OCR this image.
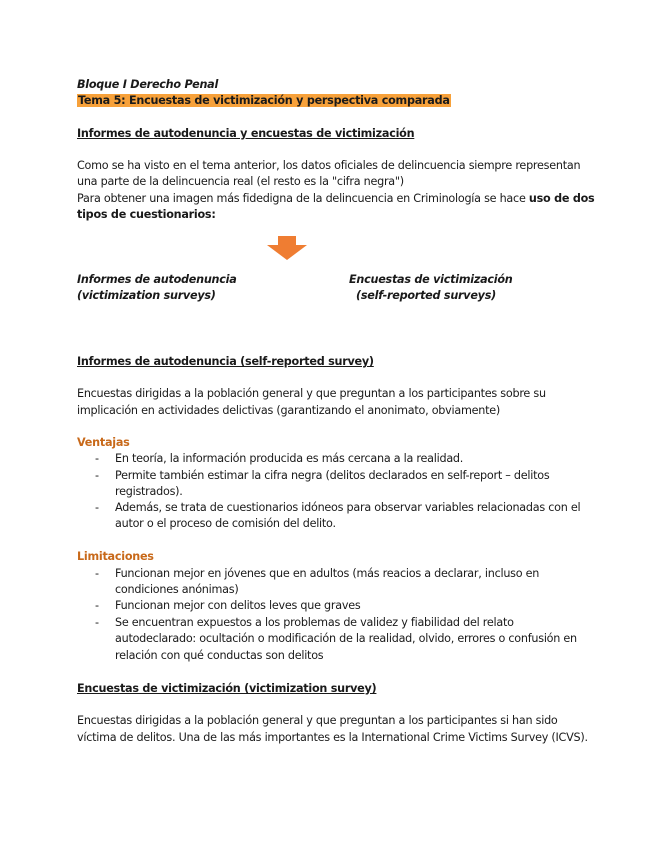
Bloque I Derecho Penal
Tema 5: Encuestas de victimización y perspectiva comparada
Informes de autodenuncia y encuestas de victimización
Como se ha visto en el tema anterior, los datos oficiales de delincuencia siempre representan
una parte de la delincuencia real (el resto es la "cifra negra")
Para obtener una imagen más fidedigna de la delincuencia en Criminología se hace uso de dos
tipos de cuestionarios:
Informes de autodenuncia
(victimization surveys)
Encuestas de victimización
(self-reported surveys)
Informes de autodenuncia (self-reported survey)
Encuestas dirigidas a la población general y que preguntan a los participantes sobre su
implicación en actividades delictivas (garantizando el anonimato, obviamente)
Ventajas
- En teoría, la información producida es más cercana a la realidad.
- Permite también estimar la cifra negra (delitos declarados en self-report – delitos
registrados).
- Además, se trata de cuestionarios idóneos para observar variables relacionadas con el
autor o el proceso de comisión del delito.
Limitaciones
- Funcionan mejor en jóvenes que en adultos (más reacios a declarar, incluso en
condiciones anónimas)
- Funcionan mejor con delitos leves que graves
- Se encuentran expuestos a los problemas de validez y fiabilidad del relato
autodeclarado: ocultación o modificación de la realidad, olvido, errores o confusión en
relación con qué conductas son delitos
Encuestas de victimización (victimization survey)
Encuestas dirigidas a la población general y que preguntan a los participantes si han sido
víctima de delitos. Una de las más importantes es la International Crime Victims Survey (ICVS).
